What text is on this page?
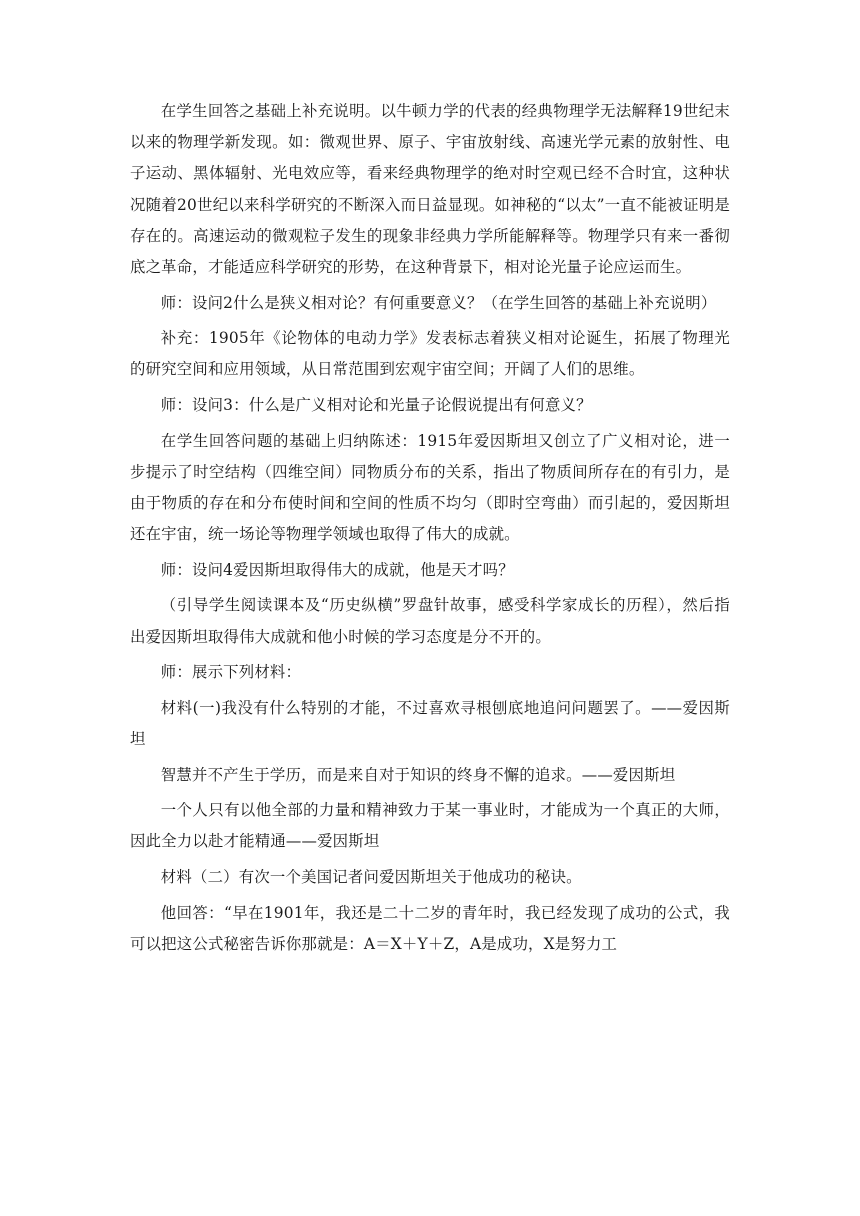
在学生回答之基础上补充说明。以牛顿力学的代表的经典物理学无法解释19世纪末以来的物理学新发现。如：微观世界、原子、宇宙放射线、高速光学元素的放射性、电子运动、黑体辐射、光电效应等，看来经典物理学的绝对时空观已经不合时宜，这种状况随着20世纪以来科学研究的不断深入而日益显现。如神秘的“以太”一直不能被证明是存在的。高速运动的微观粒子发生的现象非经典力学所能解释等。物理学只有来一番彻底之革命，才能适应科学研究的形势，在这种背景下，相对论光量子论应运而生。

师：设问2什么是狭义相对论？有何重要意义？（在学生回答的基础上补充说明）

补充：1905年《论物体的电动力学》发表标志着狭义相对论诞生，拓展了物理光的研究空间和应用领域，从日常范围到宏观宇宙空间；开阔了人们的思维。

师：设问3：什么是广义相对论和光量子论假说提出有何意义？

在学生回答问题的基础上归纳陈述：1915年爱因斯坦又创立了广义相对论，进一步提示了时空结构（四维空间）同物质分布的关系，指出了物质间所存在的有引力，是由于物质的存在和分布使时间和空间的性质不均匀（即时空弯曲）而引起的，爱因斯坦还在宇宙，统一场论等物理学领域也取得了伟大的成就。

师：设问4爱因斯坦取得伟大的成就，他是天才吗？

（引导学生阅读课本及“历史纵横”罗盘针故事，感受科学家成长的历程），然后指出爱因斯坦取得伟大成就和他小时候的学习态度是分不开的。

师：展示下列材料：

材料(一)我没有什么特别的才能，不过喜欢寻根刨底地追问问题罢了。——爱因斯坦

智慧并不产生于学历，而是来自对于知识的终身不懈的追求。——爱因斯坦

一个人只有以他全部的力量和精神致力于某一事业时，才能成为一个真正的大师，因此全力以赴才能精通——爱因斯坦

材料（二）有次一个美国记者问爱因斯坦关于他成功的秘诀。

他回答：“早在1901年，我还是二十二岁的青年时，我已经发现了成功的公式，我可以把这公式秘密告诉你那就是：A＝X＋Y＋Z，A是成功，X是努力工
